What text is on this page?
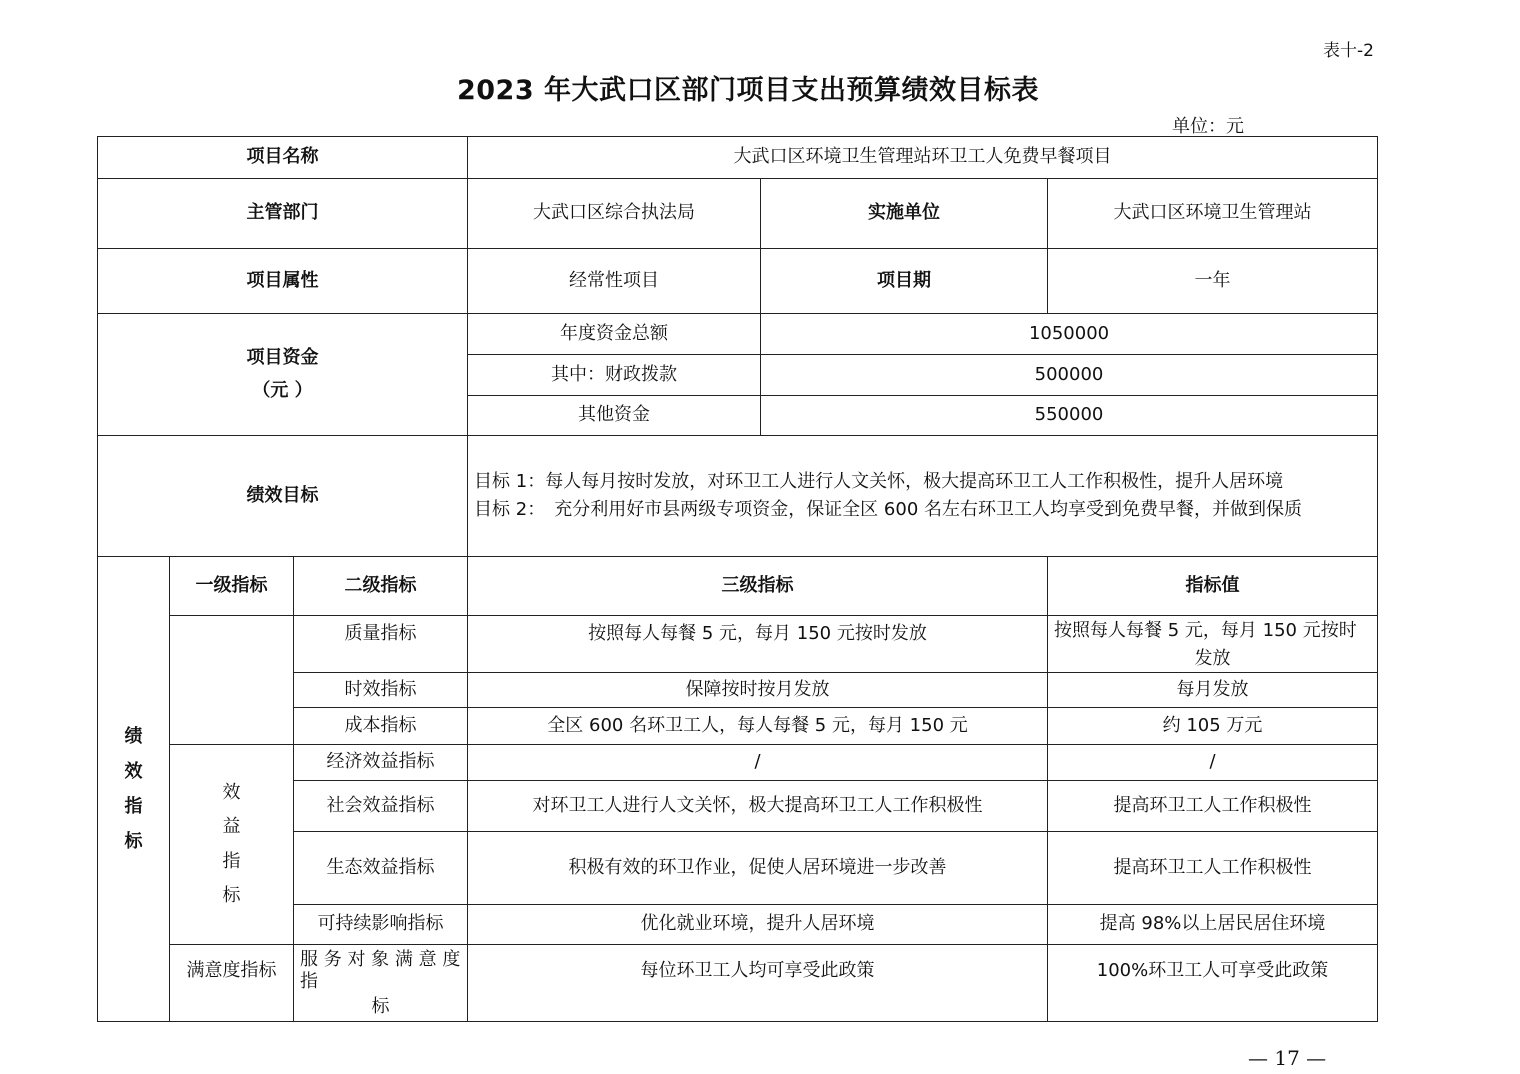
表十-2
2023 年大武口区部门项目支出预算绩效目标表
单位：元
项目名称			大武口区环境卫生管理站环卫工人免费早餐项目		
主管部门			大武口区综合执法局	实施单位	大武口区环境卫生管理站
项目属性			经常性项目	项目期	一年

项目资金
（元 ）			年度资金总额	1050000	
			其中：财政拨款	500000	
			其他资金	550000	
绩效目标			目标 1：每人每月按时发放，对环卫工人进行人文关怀，极大提高环卫工人工作积极性，提升人居环境
目标 2：　充分利用好市县两级专项资金，保证全区 600 名左右环卫工人均享受到免费早餐，并做到保质		

绩
效
指
标	一级指标	二级指标	三级指标		指标值
		质量指标	按照每人每餐 5 元，每月 150 元按时发放		按照每人每餐 5 元，每月 150 元按时
发放

		时效指标	保障按时按月发放		每月发放
		成本指标	全区 600 名环卫工人，每人每餐 5 元，每月 150 元		约 105 万元

	效
益
指
标	经济效益指标	/		/
		社会效益指标	对环卫工人进行人文关怀，极大提高环卫工人工作积极性		提高环卫工人工作积极性
		生态效益指标	积极有效的环卫作业，促使人居环境进一步改善		提高环卫工人工作积极性
		可持续影响指标	优化就业环境，提升人居环境		提高 98%以上居民居住环境
	满意度指标	服 务 对 象 满 意 度 指
标	每位环卫工人均可享受此政策		100%环卫工人可享受此政策
— 17 —
